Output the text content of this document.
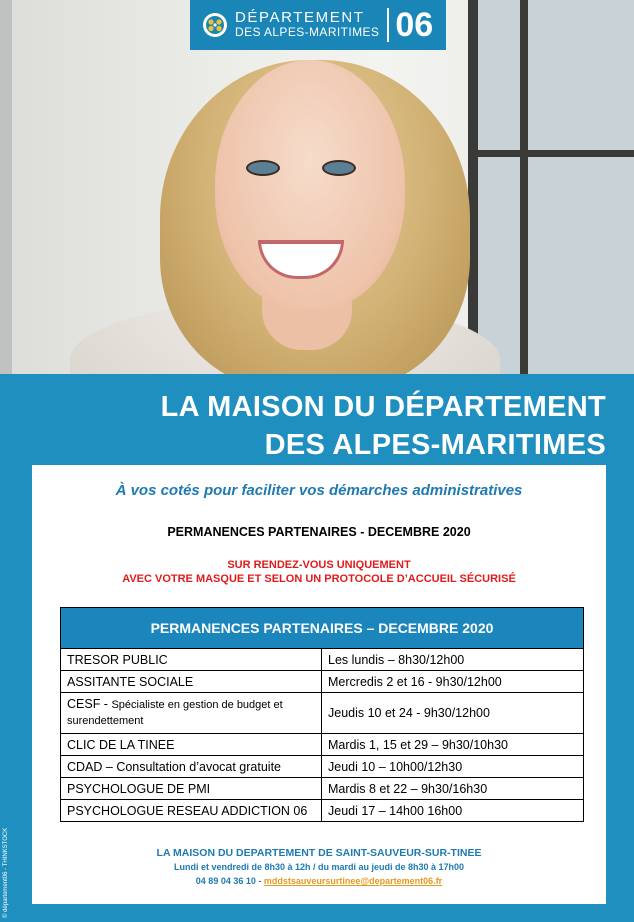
DÉPARTEMENT
DES ALPES-MARITIMES 06
LA MAISON DU DÉPARTEMENT
DES ALPES-MARITIMES
À vos cotés pour faciliter vos démarches administratives
PERMANENCES PARTENAIRES - DECEMBRE 2020
SUR RENDEZ-VOUS UNIQUEMENT
AVEC VOTRE MASQUE ET SELON UN PROTOCOLE D’ACCUEIL SÉCURISÉ
PERMANENCES PARTENAIRES – DECEMBRE 2020	
TRESOR PUBLIC	Les lundis – 8h30/12h00
ASSITANTE SOCIALE	Mercredis 2 et 16 - 9h30/12h00
CESF - Spécialiste en gestion de budget et surendettement	Jeudis 10 et 24 - 9h30/12h00
CLIC DE LA TINEE	Mardis 1, 15 et 29 – 9h30/10h30
CDAD – Consultation d’avocat gratuite	Jeudi 10 – 10h00/12h30
PSYCHOLOGUE DE PMI	Mardis 8 et 22 – 9h30/16h30
PSYCHOLOGUE RESEAU ADDICTION 06	Jeudi 17 – 14h00 16h00
LA MAISON DU DEPARTEMENT DE SAINT-SAUVEUR-SUR-TINEE
Lundi et vendredi de 8h30 à 12h / du mardi au jeudi de 8h30 à 17h00
04 89 04 36 10 - mddstsauveursurtinee@departement06.fr
© département06 - THINKSTOCK
